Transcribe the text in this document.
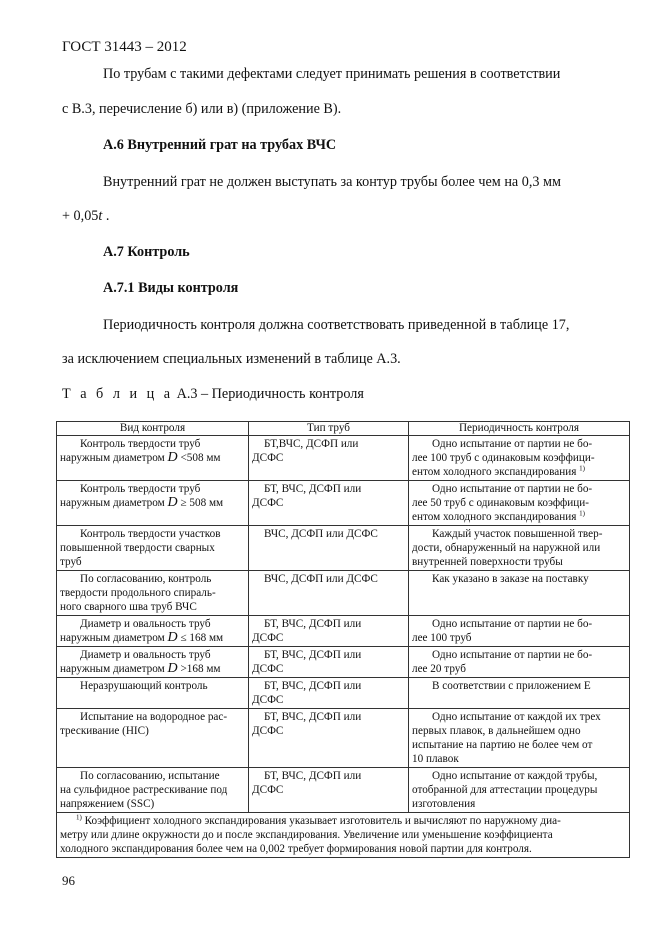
ГОСТ 31443 – 2012
По трубам с такими дефектами следует принимать решения в соответствии
с В.3, перечисление б) или в) (приложение В).
А.6 Внутренний грат на трубах ВЧС
Внутренний грат не должен выступать за контур трубы более чем на 0,3 мм
+ 0,05t .
А.7 Контроль
А.7.1 Виды контроля
Периодичность контроля должна соответствовать приведенной в таблице 17,
за исключением специальных изменений в таблице А.3.
Т а б л и ц а А.3 – Периодичность контроля
Вид контроля	Тип труб	Периодичность контроля

Контроль твердости труб
наружным диаметром D <508 мм	БТ,ВЧС, ДСФП или
ДСФС	Одно испытание от партии не бо-
лее 100 труб с одинаковым коэффици-
ентом холодного экспандирования $^{1)}$

Контроль твердости труб
наружным диаметром D ≥ 508 мм	БТ, ВЧС, ДСФП или
ДСФС	Одно испытание от партии не бо-
лее 50 труб с одинаковым коэффици-
ентом холодного экспандирования $^{1)}$

Контроль твердости участков
повышенной твердости сварных
труб	ВЧС, ДСФП или ДСФС	Каждый участок повышенной твер-
дости, обнаруженный на наружной или
внутренней поверхности трубы

По согласованию, контроль
твердости продольного спираль-
ного сварного шва труб ВЧС	ВЧС, ДСФП или ДСФС	Как указано в заказе на поставку

Диаметр и овальность труб
наружным диаметром D ≤ 168 мм	БТ, ВЧС, ДСФП или
ДСФС	Одно испытание от партии не бо-
лее 100 труб

Диаметр и овальность труб
наружным диаметром D >168 мм	БТ, ВЧС, ДСФП или
ДСФС	Одно испытание от партии не бо-
лее 20 труб

Неразрушающий контроль	БТ, ВЧС, ДСФП или
ДСФС	В соответствии с приложением Е

Испытание на водородное рас-
трескивание (HIC)	БТ, ВЧС, ДСФП или
ДСФС	Одно испытание от каждой их трех
первых плавок, в дальнейшем одно
испытание на партию не более чем от
10 плавок

По согласованию, испытание
на сульфидное растрескивание под
напряжением (SSC)	БТ, ВЧС, ДСФП или
ДСФС	Одно испытание от каждой трубы,
отобранной для аттестации процедуры
изготовления

$^{1)}$ Коэффициент холодного экспандирования указывает изготовитель и вычисляют по наружному диа-
метру или длине окружности до и после экспандирования. Увеличение или уменьшение коэффициента
холодного экспандирования более чем на 0,002 требует формирования новой партии для контроля.		
96
